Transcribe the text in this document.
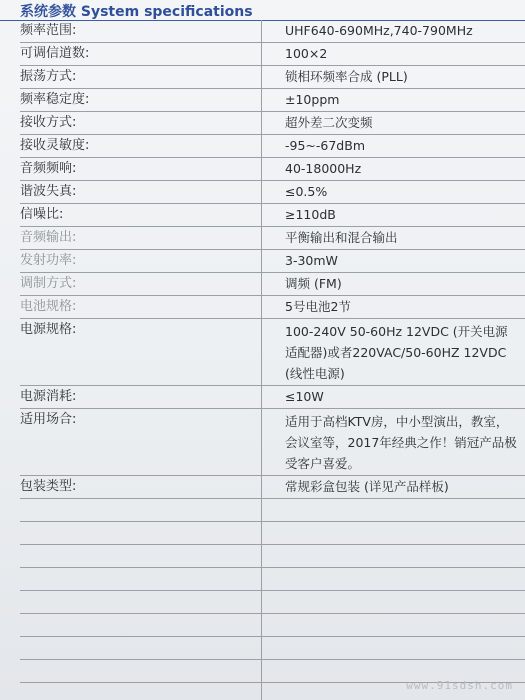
系统参数 System specifications
频率范围:	UHF640-690MHz,740-790MHz
可调信道数:	100×2
振荡方式:	锁相环频率合成 (PLL)
频率稳定度:	±10ppm
接收方式:	超外差二次变频
接收灵敏度:	-95~-67dBm
音频频响:	40-18000Hz
谐波失真:	≤0.5%
信噪比:	≥110dB
音频输出:	平衡输出和混合输出
发射功率:	3-30mW
调制方式:	调频 (FM)
电池规格:	5号电池2节
电源规格:	100-240V 50-60Hz 12VDC (开关电源适配器)或者220VAC/50-60HZ 12VDC (线性电源)
电源消耗:	≤10W
适用场合:	适用于高档KTV房，中小型演出，教室，会议室等，2017年经典之作！销冠产品极受客户喜爱。
包装类型:	常规彩盒包装 (详见产品样板)
www.91sdsh.com
